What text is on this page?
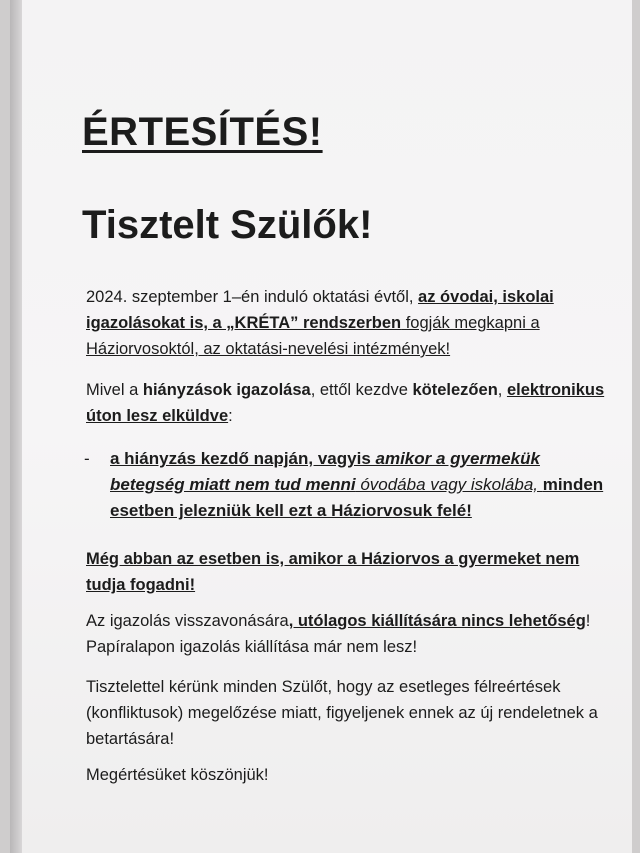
ÉRTESÍTÉS!
Tisztelt Szülők!

2024. szeptember 1–én induló oktatási évtől, az óvodai, iskolai igazolásokat is, a „KRÉTA” rendszerben fogják megkapni a Háziorvosoktól, az oktatási-nevelési intézmények!

Mivel a hiányzások igazolása, ettől kezdve kötelezően, elektronikus úton lesz elküldve:

- a hiányzás kezdő napján, vagyis amikor a gyermekük betegség miatt nem tud menni óvodába vagy iskolába, minden esetben jelezniük kell ezt a Háziorvosuk felé!

Még abban az esetben is, amikor a Háziorvos a gyermeket nem tudja fogadni!

Az igazolás visszavonására, utólagos kiállítására nincs lehetőség! Papíralapon igazolás kiállítása már nem lesz!

Tisztelettel kérünk minden Szülőt, hogy az esetleges félreértések (konfliktusok) megelőzése miatt, figyeljenek ennek az új rendeletnek a betartására!

Megértésüket köszönjük!
